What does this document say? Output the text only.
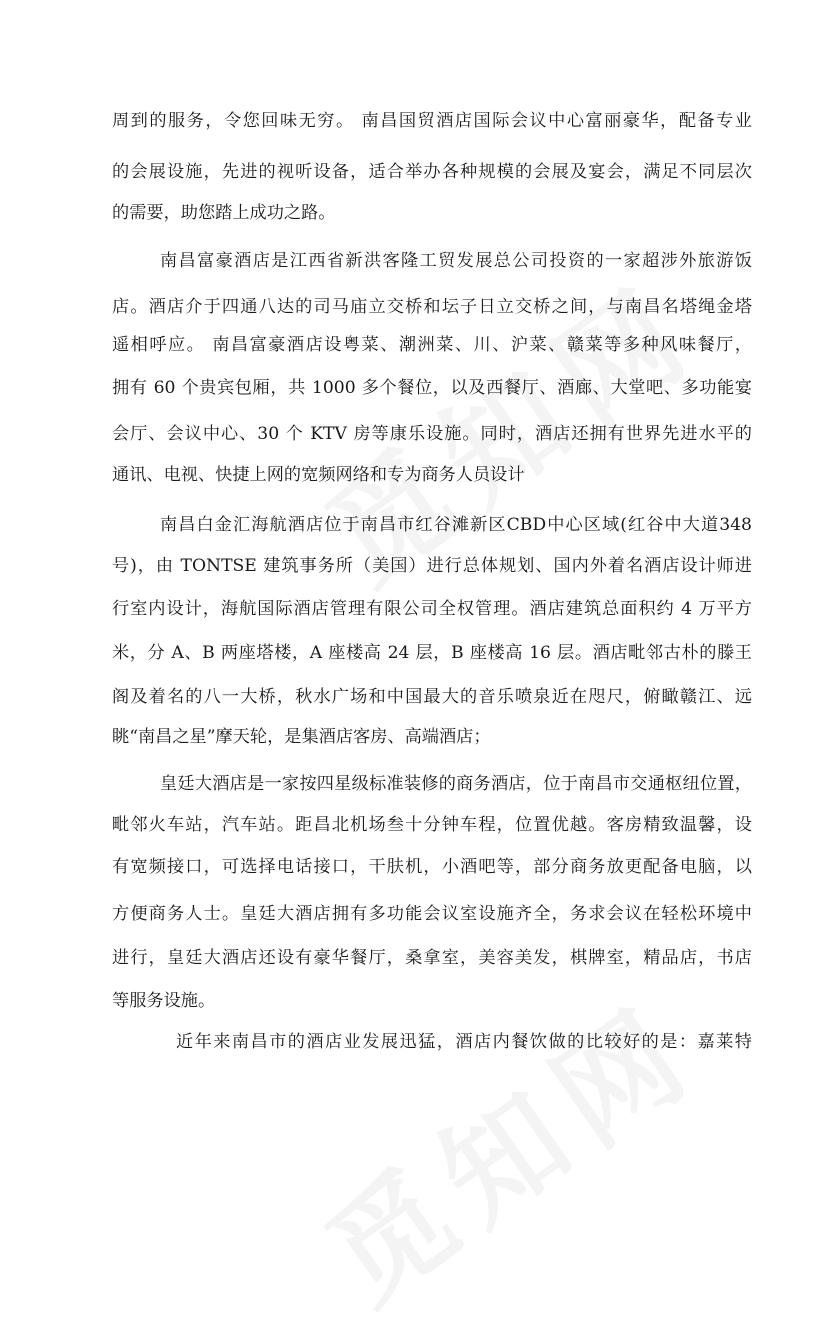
周到的服务，令您回味无穷。 南昌国贸酒店国际会议中心富丽豪华，配备专业
的会展设施，先进的视听设备，适合举办各种规模的会展及宴会，满足不同层次
的需要，助您踏上成功之路。
南昌富豪酒店是江西省新洪客隆工贸发展总公司投资的一家超涉外旅游饭
店。酒店介于四通八达的司马庙立交桥和坛子日立交桥之间，与南昌名塔绳金塔
遥相呼应。 南昌富豪酒店设粤菜、潮洲菜、川、沪菜、赣菜等多种风味餐厅，
拥有 60 个贵宾包厢，共 1000 多个餐位，以及西餐厅、酒廊、大堂吧、多功能宴
会厅、会议中心、30 个 KTV 房等康乐设施。同时，酒店还拥有世界先进水平的
通讯、电视、快捷上网的宽频网络和专为商务人员设计
南昌白金汇海航酒店位于南昌市红谷滩新区CBD中心区域(红谷中大道348
号)，由 TONTSE 建筑事务所（美国）进行总体规划、国内外着名酒店设计师进
行室内设计，海航国际酒店管理有限公司全权管理。酒店建筑总面积约 4 万平方
米，分 A、B 两座塔楼，A 座楼高 24 层，B 座楼高 16 层。酒店毗邻古朴的滕王
阁及着名的八一大桥，秋水广场和中国最大的音乐喷泉近在咫尺，俯瞰赣江、远
眺“南昌之星”摩天轮，是集酒店客房、高端酒店；
皇廷大酒店是一家按四星级标准装修的商务酒店，位于南昌市交通枢纽位置，
毗邻火车站，汽车站。距昌北机场叁十分钟车程，位置优越。客房精致温馨，设
有宽频接口，可选择电话接口，干肤机，小酒吧等，部分商务放更配备电脑，以
方便商务人士。皇廷大酒店拥有多功能会议室设施齐全，务求会议在轻松环境中
进行，皇廷大酒店还设有豪华餐厅，桑拿室，美容美发，棋牌室，精品店，书店
等服务设施。
近年来南昌市的酒店业发展迅猛，酒店内餐饮做的比较好的是：嘉莱特
